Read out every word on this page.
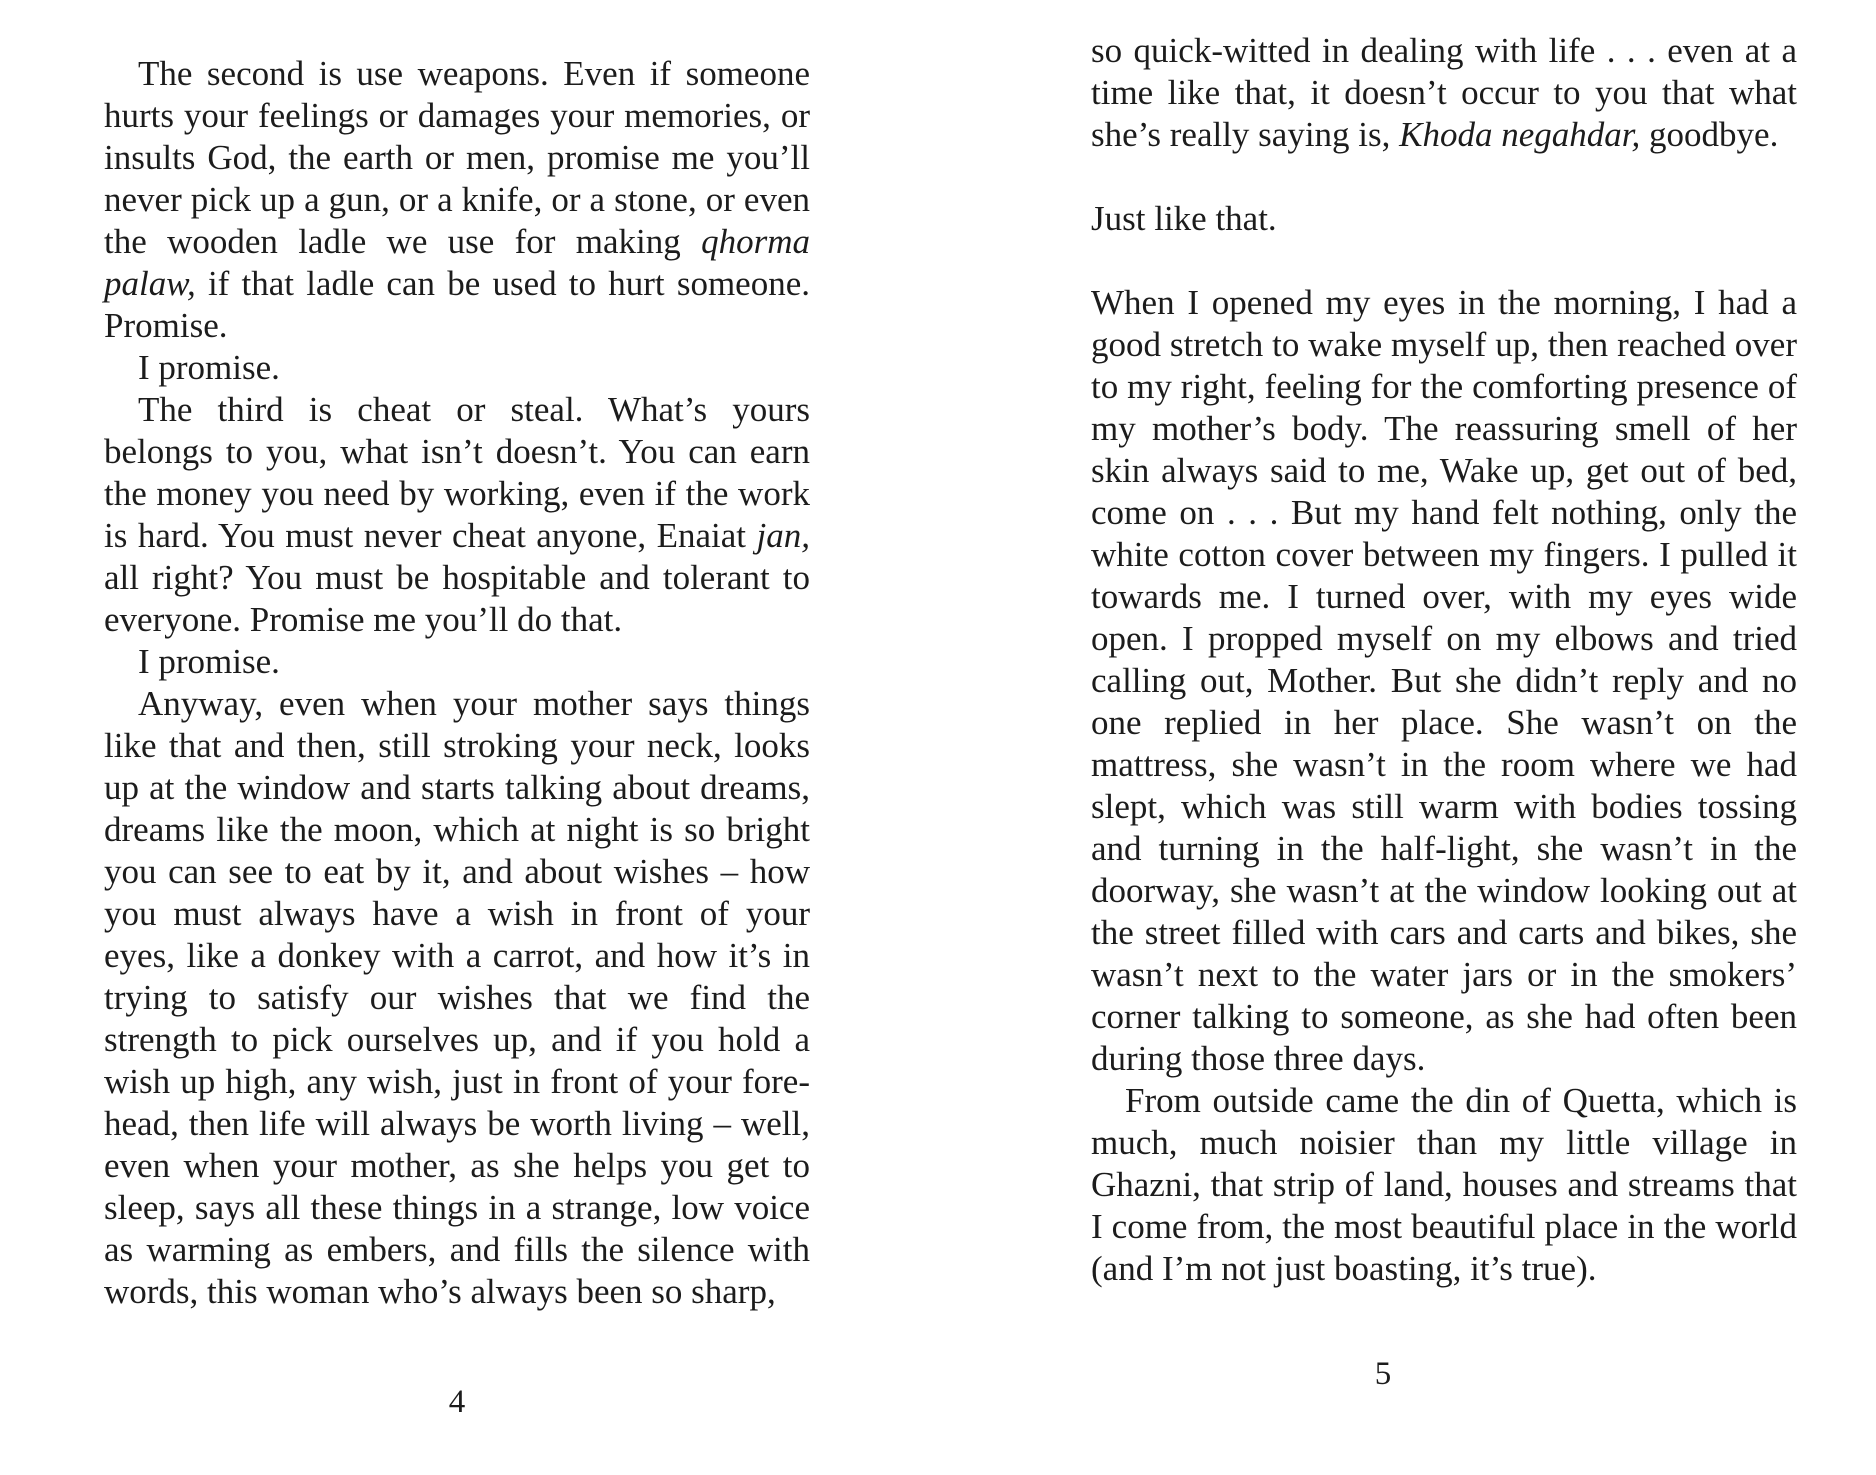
The second is use weapons. Even if someone hurts your feelings or damages your memories, or insults God, the earth or men, promise me you’ll never pick up a gun, or a knife, or a stone, or even the wooden ladle we use for making qhorma palaw, if that ladle can be used to hurt someone. Promise.

I promise.

The third is cheat or steal. What’s yours belongs to you, what isn’t doesn’t. You can earn the money you need by working, even if the work is hard. You must never cheat anyone, Enaiat jan, all right? You must be hospitable and tolerant to everyone. Promise me you’ll do that.

I promise.

Anyway, even when your mother says things like that and then, still stroking your neck, looks up at the window and starts talking about dreams, dreams like the moon, which at night is so bright you can see to eat by it, and about wishes – how you must always have a wish in front of your eyes, like a donkey with a carrot, and how it’s in trying to satisfy our wishes that we find the strength to pick ourselves up, and if you hold a wish up high, any wish, just in front of your forehead, then life will always be worth living – well, even when your mother, as she helps you get to sleep, says all these things in a strange, low voice as warming as embers, and fills the silence with words, this woman who’s always been so sharp,

4

so quick-witted in dealing with life . . . even at a time like that, it doesn’t occur to you that what she’s really saying is, Khoda negahdar, goodbye.

Just like that.

When I opened my eyes in the morning, I had a good stretch to wake myself up, then reached over to my right, feeling for the comforting presence of my mother’s body. The reassuring smell of her skin always said to me, Wake up, get out of bed, come on . . . But my hand felt nothing, only the white cotton cover between my fingers. I pulled it towards me. I turned over, with my eyes wide open. I propped myself on my elbows and tried calling out, Mother. But she didn’t reply and no one replied in her place. She wasn’t on the mattress, she wasn’t in the room where we had slept, which was still warm with bodies tossing and turning in the half-light, she wasn’t in the doorway, she wasn’t at the window looking out at the street filled with cars and carts and bikes, she wasn’t next to the water jars or in the smokers’ corner talking to someone, as she had often been during those three days.

From outside came the din of Quetta, which is much, much noisier than my little village in Ghazni, that strip of land, houses and streams that I come from, the most beautiful place in the world (and I’m not just boasting, it’s true).

5
